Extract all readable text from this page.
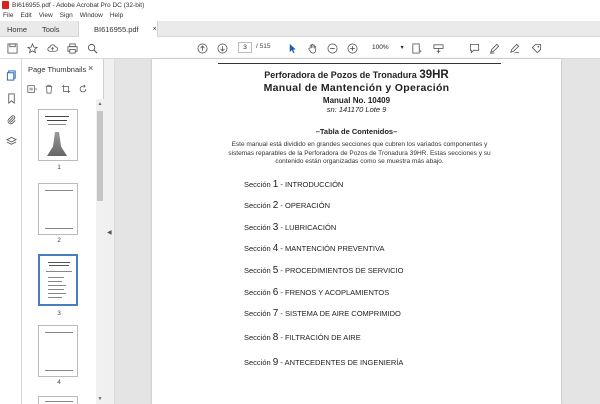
BI616955.pdf - Adobe Acrobat Pro DC (32-bit)
File Edit View Sign Window Help
Home	Tools	BI616955.pdf ×
3	/ 515	100% ▾
Page Thumbnails ×
1
2
3
4
▲
▼
◀
Perforadora de Pozos de Tronadura 39HR
Manual de Mantención y Operación
Manual No. 10409
sn: 141170 Lote 9
–Tabla de Contenidos–
Este manual está dividido en grandes secciones que cubren los variados componentes y sistemas reparables de la Perforadora de Pozos de Tronadura 39HR. Estas secciones y su contenido están organizadas como se muestra más abajo.
Sección 1 - INTRODUCCIÓN
Sección 2 - OPERACIÓN
Sección 3 - LUBRICACIÓN
Sección 4 - MANTENCIÓN PREVENTIVA
Sección 5 - PROCEDIMIENTOS DE SERVICIO
Sección 6 - FRENOS Y ACOPLAMIENTOS
Sección 7 - SISTEMA DE AIRE COMPRIMIDO
Sección 8 - FILTRACIÓN DE AIRE
Sección 9 - ANTECEDENTES DE INGENIERÍA
